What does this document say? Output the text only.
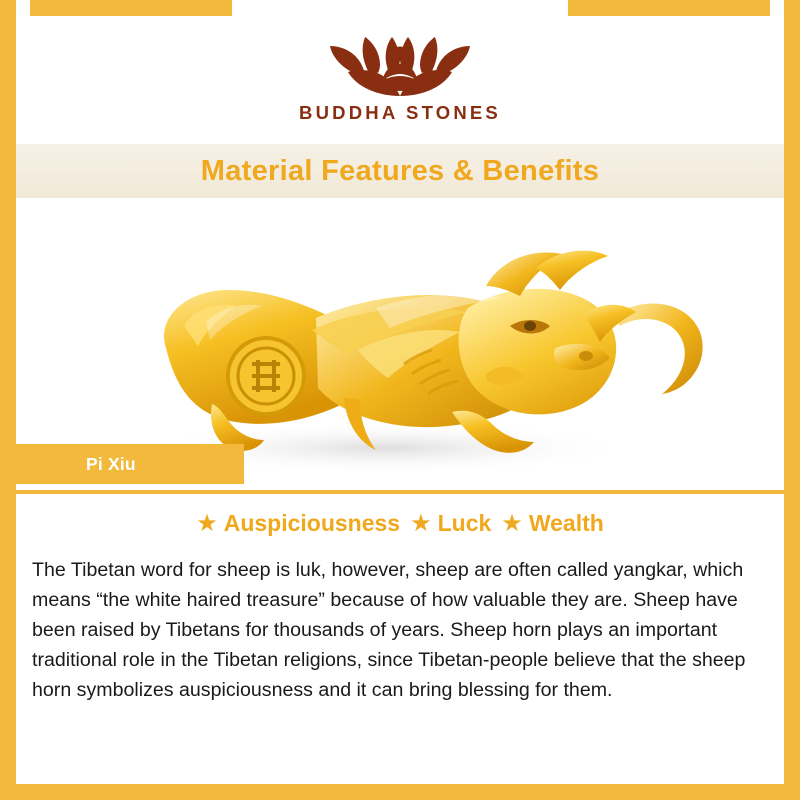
BUDDHA STONES
Material Features & Benefits
Pi Xiu
★ Auspiciousness ★ Luck ★ Wealth
The Tibetan word for sheep is luk, however, sheep are often called yangkar, which means “the white haired treasure” because of how valuable they are. Sheep have been raised by Tibetans for thousands of years. Sheep horn plays an important traditional role in the Tibetan religions, since Tibetan-people believe that the sheep horn symbolizes auspiciousness and it can bring blessing for them.
